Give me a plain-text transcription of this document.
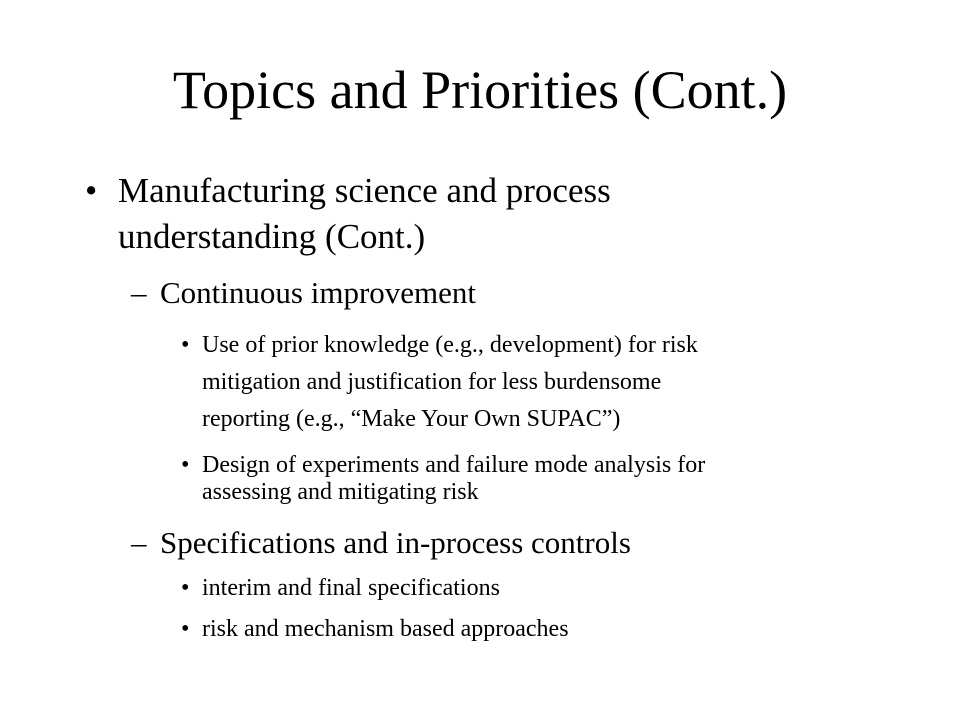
Topics and Priorities (Cont.)
• Manufacturing science and process

understanding (Cont.)

– Continuous improvement

• Use of prior knowledge (e.g., development) for risk

mitigation and justification for less burdensome

reporting (e.g., “Make Your Own SUPAC”)

• Design of experiments and failure mode analysis for

assessing and mitigating risk

– Specifications and in-process controls

• interim and final specifications

• risk and mechanism based approaches
